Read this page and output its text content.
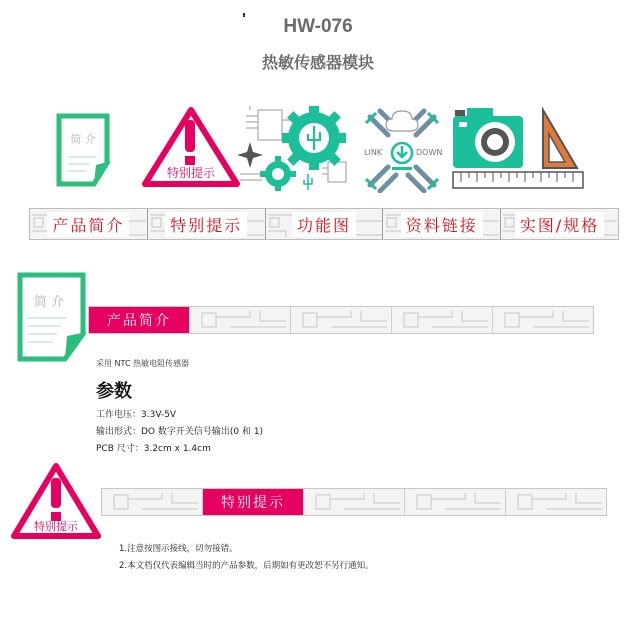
HW-076
热敏传感器模块
简 介
特别提示
LINK	DOWN
产品简介	特别提示	功能图	资料链接	实图/规格
简 介
产品简介
采用 NTC 热敏电阻传感器
参数
工作电压：3.3V-5V
输出形式：DO 数字开关信号输出(0 和 1)
PCB 尺寸：3.2cm x 1.4cm
特别提示
特别提示
1.注意按图示接线，切勿接错。
2.本文档仅代表编辑当时的产品参数，后期如有更改恕不另行通知。
